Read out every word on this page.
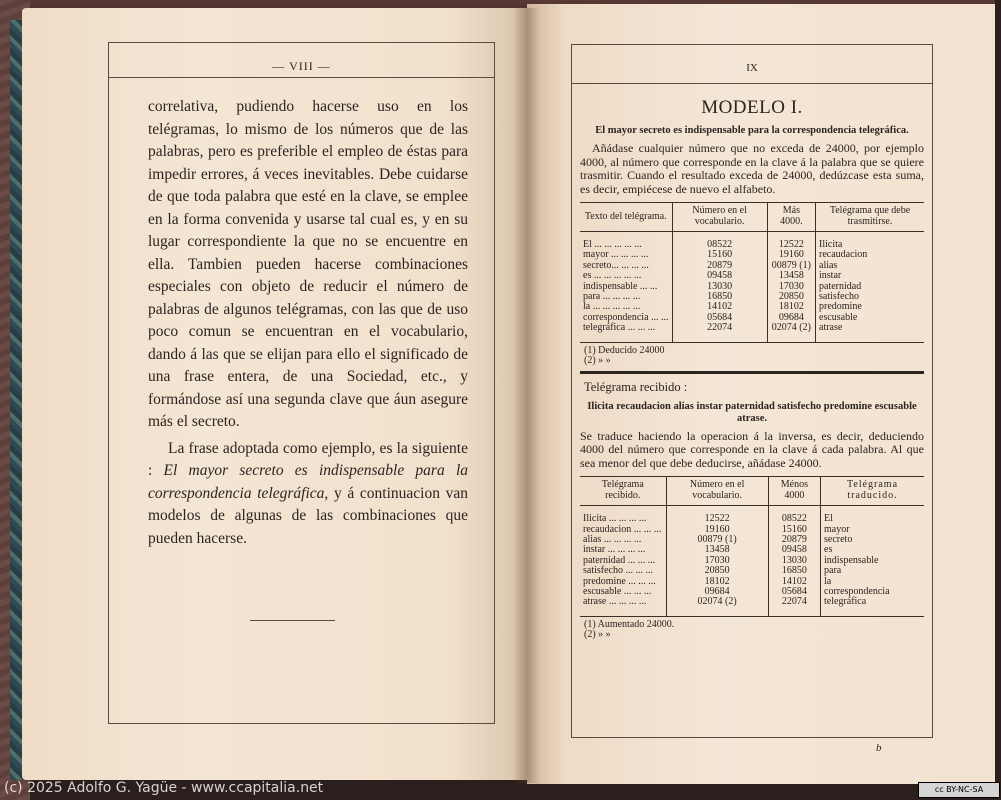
— VIII —

correlativa, pudiendo hacerse uso en los telégramas, lo mismo de los números que de las palabras, pero es preferible el empleo de éstas para impedir errores, á veces inevitables. Debe cuidarse de que toda palabra que esté en la clave, se emplee en la forma convenida y usarse tal cual es, y en su lugar correspondiente la que no se encuentre en ella. Tambien pueden hacerse combinaciones especiales con objeto de reducir el número de palabras de algunos telégramas, con las que de uso poco comun se encuentran en el vocabulario, dando á las que se elijan para ello el significado de una frase entera, de una Sociedad, etc., y formándose así una segunda clave que áun asegure más el secreto.

La frase adoptada como ejemplo, es la siguiente : El mayor secreto es indispensable para la correspondencia telegráfica, y á continuacion van modelos de algunas de las combinaciones que pueden hacerse.

IX
MODELO I.
El mayor secreto es indispensable para la correspondencia telegráfica.
Añádase cualquier número que no exceda de 24000, por ejemplo 4000, al número que corresponde en la clave á la palabra que se quiere trasmitir. Cuando el resultado exceda de 24000, dedúzcase esta suma, es decir, empiécese de nuevo el alfabeto.
Texto del telégrama.	Número en el vocabulario.	Más 4000.	Telégrama que debe trasmitirse.
El ... ... ... ... ...	08522	12522	Ilicita
mayor ... ... ... ...	15160	19160	recaudacion
secreto... ... ... ...	20879	00879 (1)	alias
es ... ... ... ... ...	09458	13458	instar
indispensable ... ...	13030	17030	paternidad
para ... ... ... ...	16850	20850	satisfecho
la ... ... ... ... ...	14102	18102	predomine
correspondencia ... ...	05684	09684	escusable
telegráfica ... ... ...	22074	02074 (2)	atrase
(1) Deducido 24000
(2) » »
Telégrama recibido :
Ilicita recaudacion alias instar paternidad satisfecho predomine escusable atrase.
Se traduce haciendo la operacion á la inversa, es decir, deduciendo 4000 del número que corresponde en la clave á cada palabra. Al que sea menor del que debe deducirse, añádase 24000.
Telégrama recibido.	Número en el vocabulario.	Ménos 4000	Telégrama traducido.
Ilicita ... ... ... ...	12522	08522	El
recaudacion ... ... ...	19160	15160	mayor
alias ... ... ... ...	00879 (1)	20879	secreto
instar ... ... ... ...	13458	09458	es
paternidad ... ... ...	17030	13030	indispensable
satisfecho ... ... ...	20850	16850	para
predomine ... ... ...	18102	14102	la
escusable ... ... ...	09684	05684	correspondencia
atrase ... ... ... ...	02074 (2)	22074	telegráfica
(1) Aumentado 24000.
(2) » »
b
(c) 2025 Adolfo G. Yagüe - www.ccapitalia.net	cc BY-NC-SA
